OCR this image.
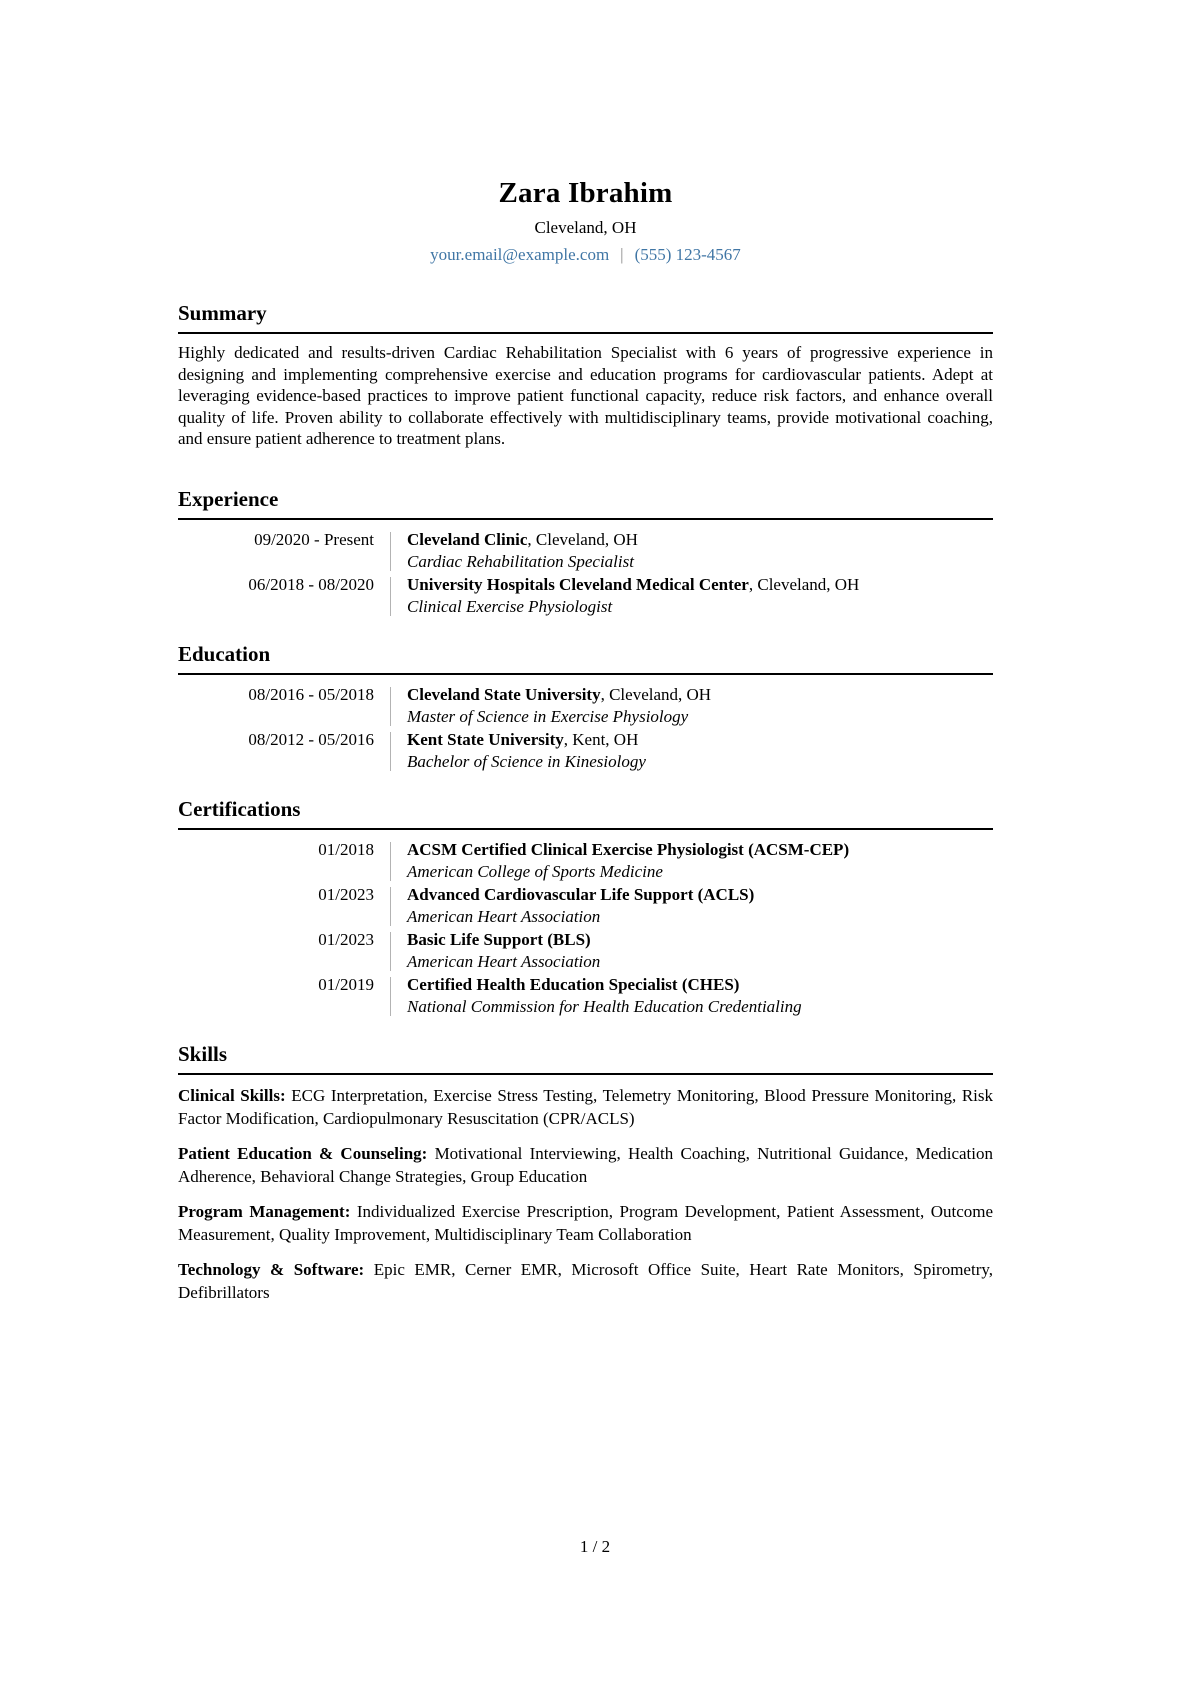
Zara Ibrahim
Cleveland, OH
your.email@example.com | (555) 123-4567
Summary

Highly dedicated and results-driven Cardiac Rehabilitation Specialist with 6 years of progressive experience in designing and implementing comprehensive exercise and education programs for cardiovascular patients. Adept at leveraging evidence-based practices to improve patient functional capacity, reduce risk factors, and enhance overall quality of life. Proven ability to collaborate effectively with multidisciplinary teams, provide motivational coaching, and ensure patient adherence to treatment plans.

Experience
09/2020 - Present	Cleveland Clinic, Cleveland, OH
Cardiac Rehabilitation Specialist
06/2018 - 08/2020	University Hospitals Cleveland Medical Center, Cleveland, OH
Clinical Exercise Physiologist
Education
08/2016 - 05/2018	Cleveland State University, Cleveland, OH
Master of Science in Exercise Physiology
08/2012 - 05/2016	Kent State University, Kent, OH
Bachelor of Science in Kinesiology
Certifications
01/2018	ACSM Certified Clinical Exercise Physiologist (ACSM-CEP)
American College of Sports Medicine
01/2023	Advanced Cardiovascular Life Support (ACLS)
American Heart Association
01/2023	Basic Life Support (BLS)
American Heart Association
01/2019	Certified Health Education Specialist (CHES)
National Commission for Health Education Credentialing
Skills

Clinical Skills: ECG Interpretation, Exercise Stress Testing, Telemetry Monitoring, Blood Pressure Monitoring, Risk Factor Modification, Cardiopulmonary Resuscitation (CPR/ACLS)

Patient Education & Counseling: Motivational Interviewing, Health Coaching, Nutritional Guidance, Medication Adherence, Behavioral Change Strategies, Group Education

Program Management: Individualized Exercise Prescription, Program Development, Patient Assessment, Outcome Measurement, Quality Improvement, Multidisciplinary Team Collaboration

Technology & Software: Epic EMR, Cerner EMR, Microsoft Office Suite, Heart Rate Monitors, Spirometry, Defibrillators

1 / 2
